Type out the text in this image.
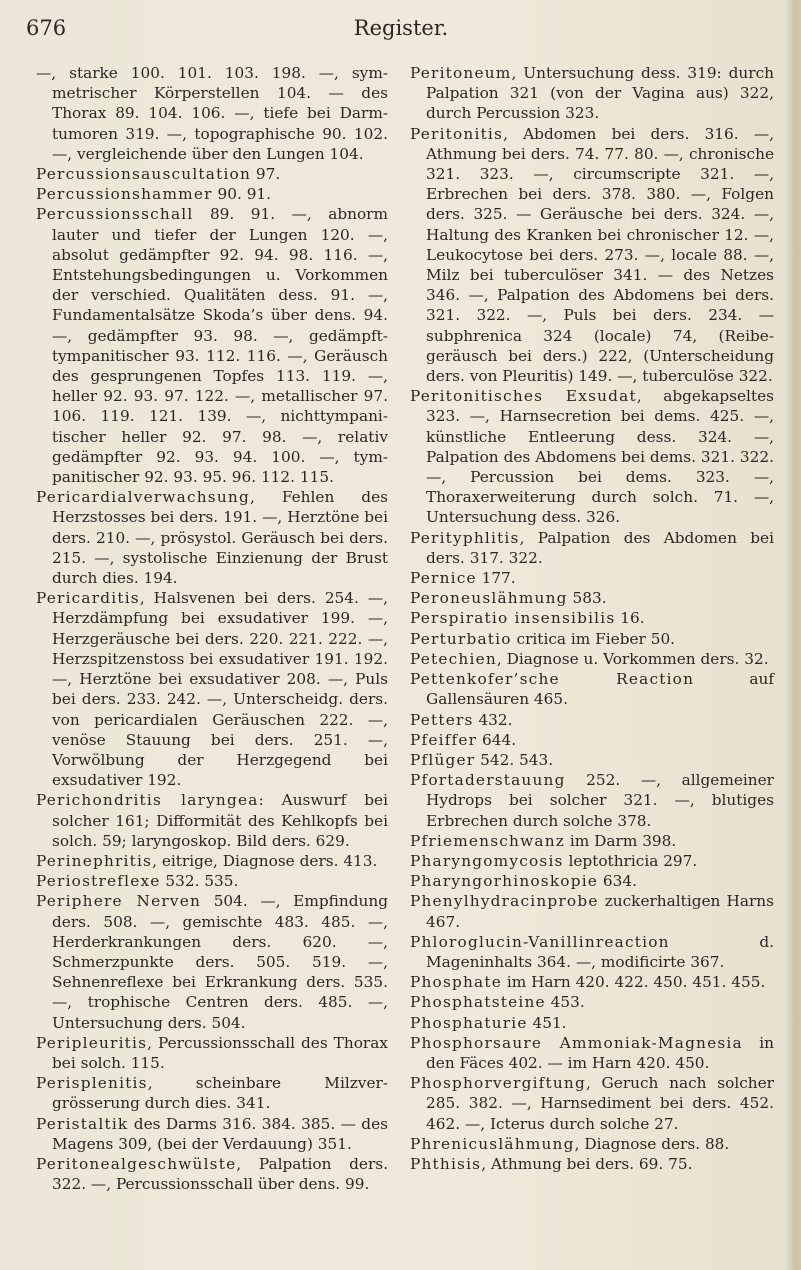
676	Register.

—, starke 100. 101. 103. 198. —, symmetrischer Körperstellen 104. — des Thorax 89. 104. 106. —, tiefe bei Darmtumoren 319. —, topographische 90. 102. —, vergleichende über den Lungen 104.

Percussionsauscultation 97.

Percussionshammer 90. 91.

Percussionsschall 89. 91. —, abnorm lauter und tiefer der Lungen 120. —, absolut gedämpfter 92. 94. 98. 116. —, Entstehungsbedingungen u. Vorkommen der verschied. Qualitäten dess. 91. —, Fundamentalsätze Skoda’s über dens. 94. —, gedämpfter 93. 98. —, gedämpft-tympanitischer 93. 112. 116. —, Geräusch des gesprungenen Topfes 113. 119. —, heller 92. 93. 97. 122. —, metallischer 97. 106. 119. 121. 139. —, nichttympanitischer heller 92. 97. 98. —, relativ gedämpfter 92. 93. 94. 100. —, tympanitischer 92. 93. 95. 96. 112. 115.

Pericardialverwachsung, Fehlen des Herzstosses bei ders. 191. —, Herztöne bei ders. 210. —, prösystol. Geräusch bei ders. 215. —, systolische Einzienung der Brust durch dies. 194.

Pericarditis, Halsvenen bei ders. 254. —, Herzdämpfung bei exsudativer 199. —, Herzgeräusche bei ders. 220. 221. 222. —, Herzspitzenstoss bei exsudativer 191. 192. —, Herztöne bei exsudativer 208. —, Puls bei ders. 233. 242. —, Unterscheidg. ders. von pericardialen Geräuschen 222. —, venöse Stauung bei ders. 251. —, Vorwölbung der Herzgegend bei exsudativer 192.

Perichondritis laryngea: Auswurf bei solcher 161; Difformität des Kehlkopfs bei solch. 59; laryngoskop. Bild ders. 629.

Perinephritis, eitrige, Diagnose ders. 413.

Periostreflexe 532. 535.

Periphere Nerven 504. —, Empfindung ders. 508. —, gemischte 483. 485. —, Herderkrankungen ders. 620. —, Schmerzpunkte ders. 505. 519. —, Sehnenreflexe bei Erkrankung ders. 535. —, trophische Centren ders. 485. —, Untersuchung ders. 504.

Peripleuritis, Percussionsschall des Thorax bei solch. 115.

Perisplenitis, scheinbare Milzvergrösserung durch dies. 341.

Peristaltik des Darms 316. 384. 385. — des Magens 309, (bei der Verdauung) 351.

Peritonealgeschwülste, Palpation ders. 322. —, Percussionsschall über dens. 99.

Peritoneum, Untersuchung dess. 319: durch Palpation 321 (von der Vagina aus) 322, durch Percussion 323.

Peritonitis, Abdomen bei ders. 316. —, Athmung bei ders. 74. 77. 80. —, chronische 321. 323. —, circumscripte 321. —, Erbrechen bei ders. 378. 380. —, Folgen ders. 325. — Geräusche bei ders. 324. —, Haltung des Kranken bei chronischer 12. —, Leukocytose bei ders. 273. —, locale 88. —, Milz bei tuberculöser 341. — des Netzes 346. —, Palpation des Abdomens bei ders. 321. 322. —, Puls bei ders. 234. — subphrenica 324 (locale) 74, (Reibegeräusch bei ders.) 222, (Unterscheidung ders. von Pleuritis) 149. —, tuberculöse 322.

Peritonitisches Exsudat, abgekapseltes 323. —, Harnsecretion bei dems. 425. —, künstliche Entleerung dess. 324. —, Palpation des Abdomens bei dems. 321. 322. —, Percussion bei dems. 323. —, Thoraxerweiterung durch solch. 71. —, Untersuchung dess. 326.

Perityphlitis, Palpation des Abdomen bei ders. 317. 322.

Pernice 177.

Peroneuslähmung 583.

Perspiratio insensibilis 16.

Perturbatio critica im Fieber 50.

Petechien, Diagnose u. Vorkommen ders. 32.

Pettenkofer’sche Reaction auf Gallensäuren 465.

Petters 432.

Pfeiffer 644.

Pflüger 542. 543.

Pfortaderstauung 252. —, allgemeiner Hydrops bei solcher 321. —, blutiges Erbrechen durch solche 378.

Pfriemenschwanz im Darm 398.

Pharyngomycosis leptothricia 297.

Pharyngorhinoskopie 634.

Phenylhydracinprobe zuckerhaltigen Harns 467.

Phloroglucin-Vanillinreaction d. Mageninhalts 364. —, modificirte 367.

Phosphate im Harn 420. 422. 450. 451. 455.

Phosphatsteine 453.

Phosphaturie 451.

Phosphorsaure Ammoniak-Magnesia in den Fäces 402. — im Harn 420. 450.

Phosphorvergiftung, Geruch nach solcher 285. 382. —, Harnsediment bei ders. 452. 462. —, Icterus durch solche 27.

Phrenicuslähmung, Diagnose ders. 88.

Phthisis, Athmung bei ders. 69. 75.
